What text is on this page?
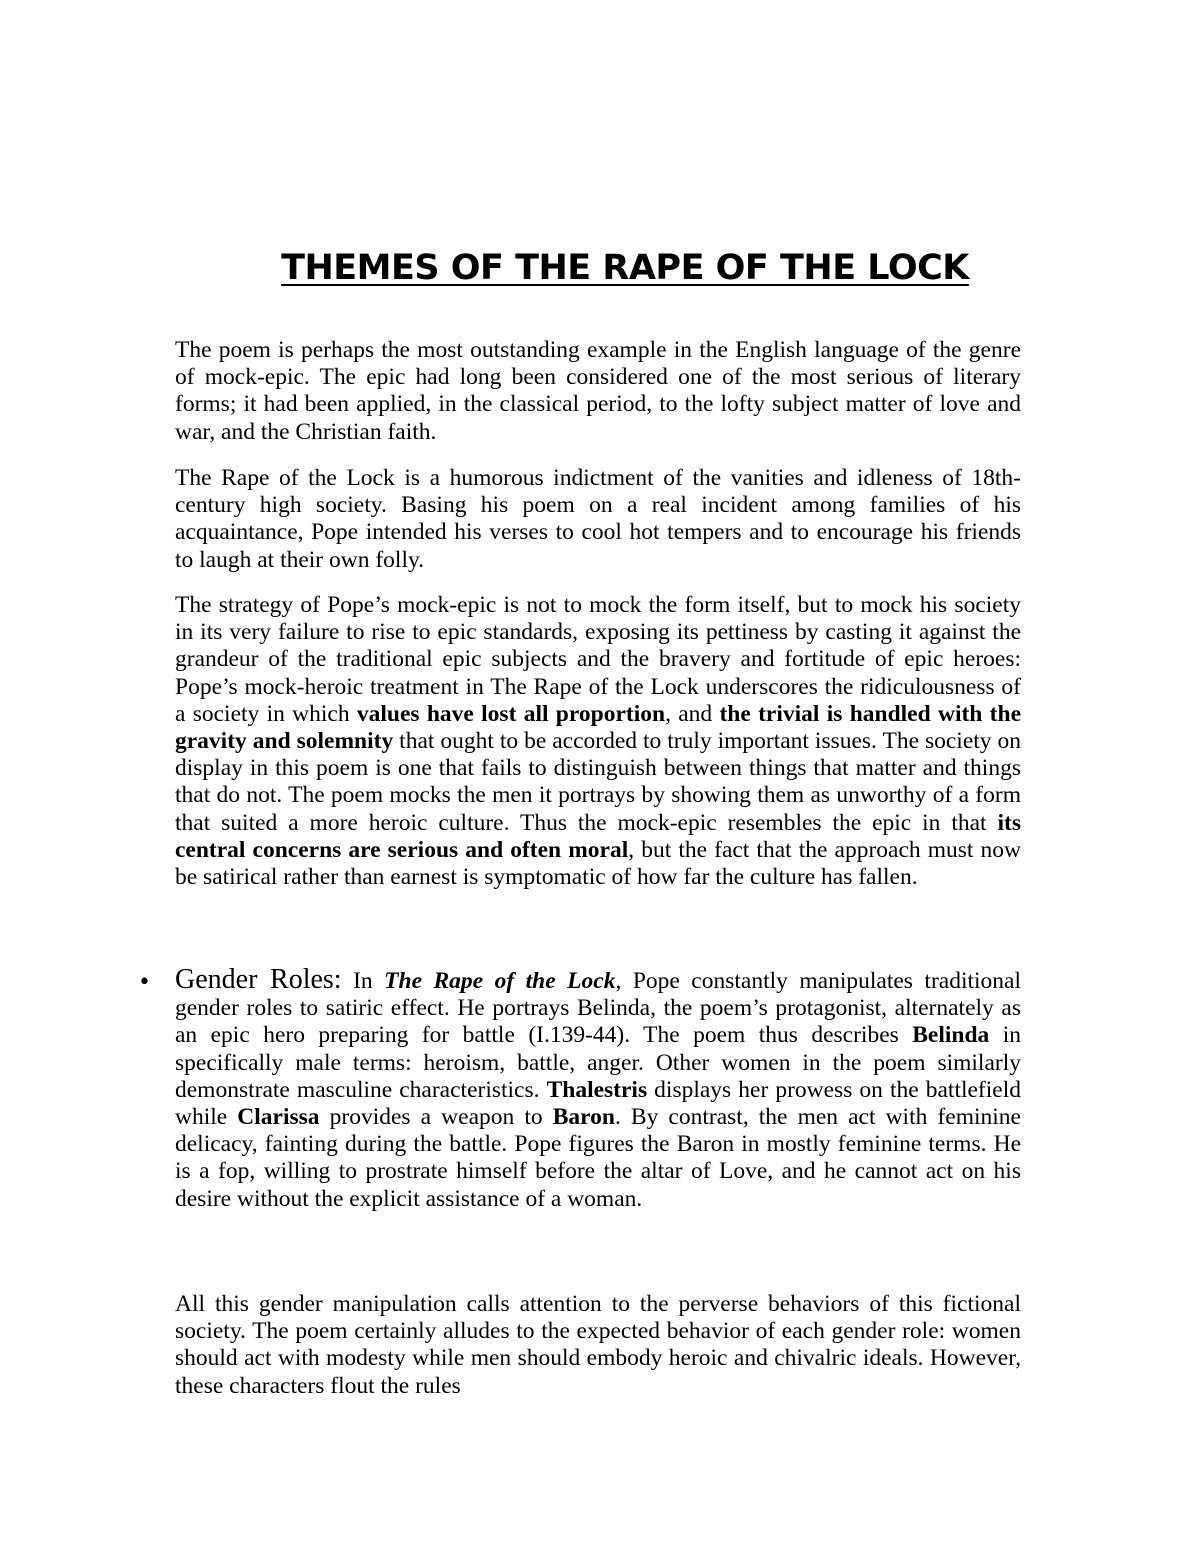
THEMES OF THE RAPE OF THE LOCK

The poem is perhaps the most outstanding example in the English language of the genre of mock-epic. The epic had long been considered one of the most serious of literary forms; it had been applied, in the classical period, to the lofty subject matter of love and war, and the Christian faith.

The Rape of the Lock is a humorous indictment of the vanities and idleness of 18th-century high society. Basing his poem on a real incident among families of his acquaintance, Pope intended his verses to cool hot tempers and to encourage his friends to laugh at their own folly.

The strategy of Pope’s mock-epic is not to mock the form itself, but to mock his society in its very failure to rise to epic standards, exposing its pettiness by casting it against the grandeur of the traditional epic subjects and the bravery and fortitude of epic heroes: Pope’s mock-heroic treatment in The Rape of the Lock underscores the ridiculousness of a society in which values have lost all proportion, and the trivial is handled with the gravity and solemnity that ought to be accorded to truly important issues. The society on display in this poem is one that fails to distinguish between things that matter and things that do not. The poem mocks the men it portrays by showing them as unworthy of a form that suited a more heroic culture. Thus the mock-epic resembles the epic in that its central concerns are serious and often moral, but the fact that the approach must now be satirical rather than earnest is symptomatic of how far the culture has fallen.

• Gender Roles: In The Rape of the Lock, Pope constantly manipulates traditional gender roles to satiric effect. He portrays Belinda, the poem’s protagonist, alternately as an epic hero preparing for battle (I.139-44). The poem thus describes Belinda in specifically male terms: heroism, battle, anger. Other women in the poem similarly demonstrate masculine characteristics. Thalestris displays her prowess on the battlefield while Clarissa provides a weapon to Baron. By contrast, the men act with feminine delicacy, fainting during the battle. Pope figures the Baron in mostly feminine terms. He is a fop, willing to prostrate himself before the altar of Love, and he cannot act on his desire without the explicit assistance of a woman.

All this gender manipulation calls attention to the perverse behaviors of this fictional society. The poem certainly alludes to the expected behavior of each gender role: women should act with modesty while men should embody heroic and chivalric ideals. However, these characters flout the rules
